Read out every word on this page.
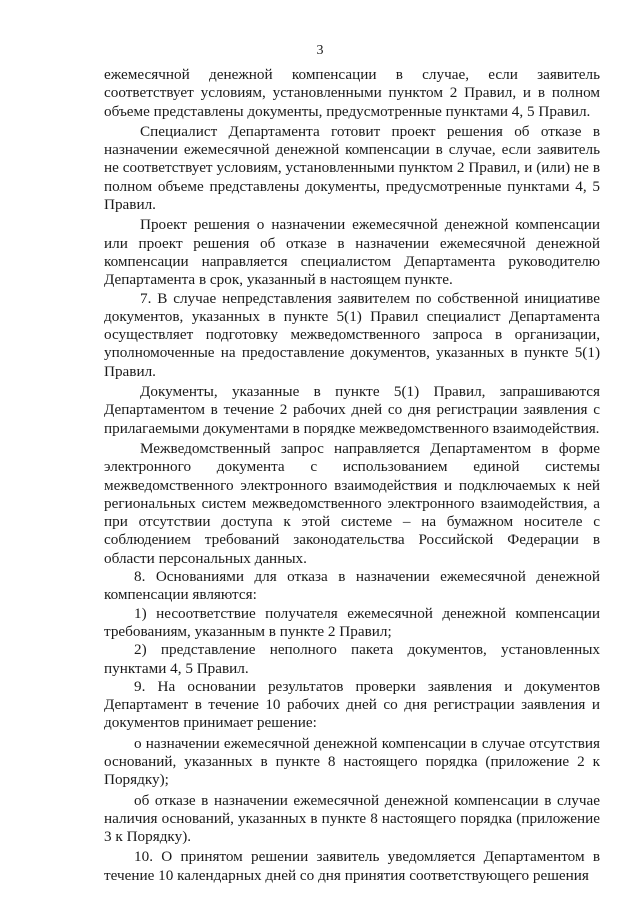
3

ежемесячной денежной компенсации в случае, если заявитель соответствует условиям, установленными пунктом 2 Правил, и в полном объеме представлены документы, предусмотренные пунктами 4, 5 Правил.

Специалист Департамента готовит проект решения об отказе в назначении ежемесячной денежной компенсации в случае, если заявитель не соответствует условиям, установленными пунктом 2 Правил, и (или) не в полном объеме представлены документы, предусмотренные пунктами 4, 5 Правил.

Проект решения о назначении ежемесячной денежной компенсации или проект решения об отказе в назначении ежемесячной денежной компенсации направляется специалистом Департамента руководителю Департамента в срок, указанный в настоящем пункте.

7. В случае непредставления заявителем по собственной инициативе документов, указанных в пункте 5(1) Правил специалист Департамента осуществляет подготовку межведомственного запроса в организации, уполномоченные на предоставление документов, указанных в пункте 5(1) Правил.

Документы, указанные в пункте 5(1) Правил, запрашиваются Департаментом в течение 2 рабочих дней со дня регистрации заявления с прилагаемыми документами в порядке межведомственного взаимодействия.

Межведомственный запрос направляется Департаментом в форме электронного документа с использованием единой системы межведомственного электронного взаимодействия и подключаемых к ней региональных систем межведомственного электронного взаимодействия, а при отсутствии доступа к этой системе – на бумажном носителе с соблюдением требований законодательства Российской Федерации в области персональных данных.

8. Основаниями для отказа в назначении ежемесячной денежной компенсации являются:

1) несоответствие получателя ежемесячной денежной компенсации требованиям, указанным в пункте 2 Правил;

2) представление неполного пакета документов, установленных пунктами 4, 5 Правил.

9. На основании результатов проверки заявления и документов Департамент в течение 10 рабочих дней со дня регистрации заявления и документов принимает решение:

о назначении ежемесячной денежной компенсации в случае отсутствия оснований, указанных в пункте 8 настоящего порядка (приложение 2 к Порядку);

об отказе в назначении ежемесячной денежной компенсации в случае наличия оснований, указанных в пункте 8 настоящего порядка (приложение 3 к Порядку).

10. О принятом решении заявитель уведомляется Департаментом в течение 10 календарных дней со дня принятия соответствующего решения
